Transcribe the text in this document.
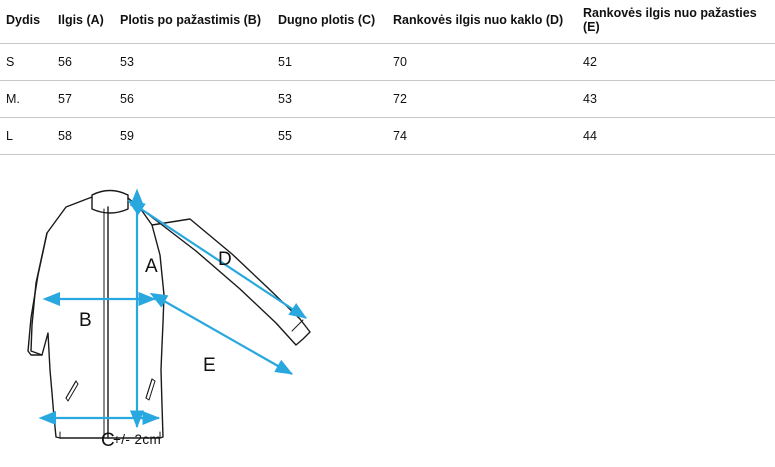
Dydis	Ilgis (A)	Plotis po pažastimis (B)	Dugno plotis (C)	Rankovės ilgis nuo kaklo (D)	Rankovės ilgis nuo pažasties (E)
S	56	53	51	70	42
M.	57	56	53	72	43
L	58	59	55	74	44
A
B
C
D
E
+/- 2cm
